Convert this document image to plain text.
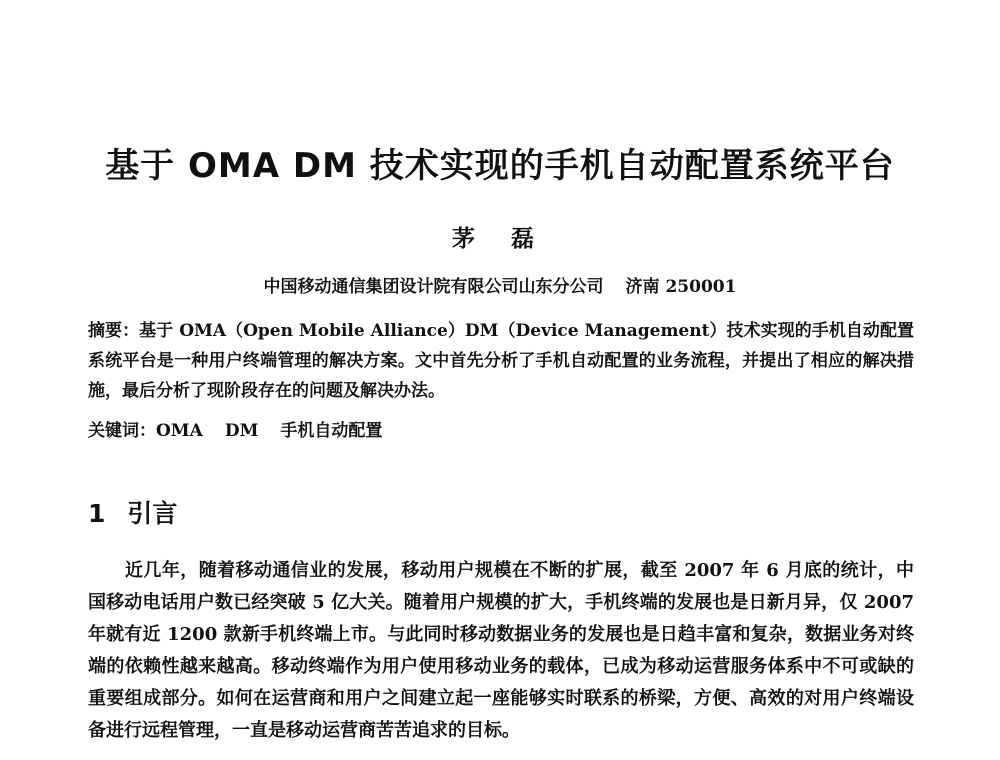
基于 OMA DM 技术实现的手机自动配置系统平台
茅 磊
中国移动通信集团设计院有限公司山东分公司 济南 250001
摘要：基于 OMA（Open Mobile Alliance）DM（Device Management）技术实现的手机自动配置系统平台是一种用户终端管理的解决方案。文中首先分析了手机自动配置的业务流程，并提出了相应的解决措施，最后分析了现阶段存在的问题及解决办法。
关键词：OMA DM 手机自动配置
1 引言
近几年，随着移动通信业的发展，移动用户规模在不断的扩展，截至 2007 年 6 月底的统计，中国移动电话用户数已经突破 5 亿大关。随着用户规模的扩大，手机终端的发展也是日新月异，仅 2007 年就有近 1200 款新手机终端上市。与此同时移动数据业务的发展也是日趋丰富和复杂，数据业务对终端的依赖性越来越高。移动终端作为用户使用移动业务的载体，已成为移动运营服务体系中不可或缺的重要组成部分。如何在运营商和用户之间建立起一座能够实时联系的桥梁，方便、高效的对用户终端设备进行远程管理，一直是移动运营商苦苦追求的目标。
